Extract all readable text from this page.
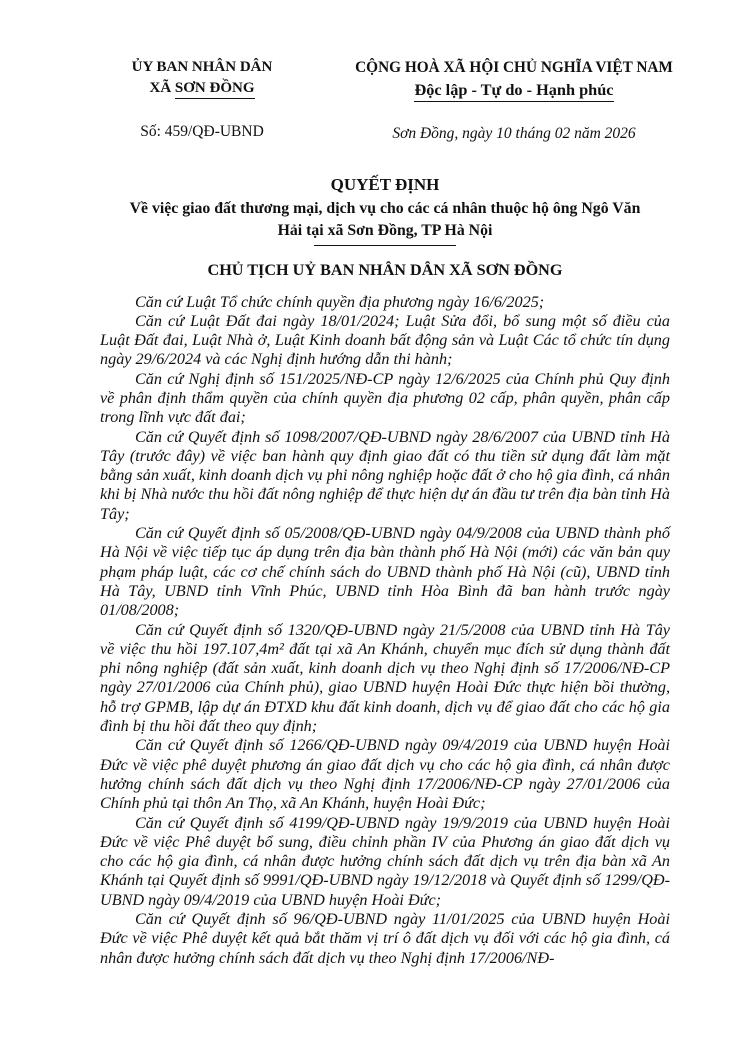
ỦY BAN NHÂN DÂN
XÃ SƠN ĐỒNG
Số: 459/QĐ-UBND
CỘNG HOÀ XÃ HỘI CHỦ NGHĨA VIỆT NAM
Độc lập - Tự do - Hạnh phúc
Sơn Đồng, ngày 10 tháng 02 năm 2026
QUYẾT ĐỊNH
Về việc giao đất thương mại, dịch vụ cho các cá nhân thuộc hộ ông Ngô Văn
Hải tại xã Sơn Đồng, TP Hà Nội
CHỦ TỊCH UỶ BAN NHÂN DÂN XÃ SƠN ĐỒNG

Căn cứ Luật Tổ chức chính quyền địa phương ngày 16/6/2025;

Căn cứ Luật Đất đai ngày 18/01/2024; Luật Sửa đổi, bổ sung một số điều của Luật Đất đai, Luật Nhà ở, Luật Kinh doanh bất động sản và Luật Các tổ chức tín dụng ngày 29/6/2024 và các Nghị định hướng dẫn thi hành;

Căn cứ Nghị định số 151/2025/NĐ-CP ngày 12/6/2025 của Chính phủ Quy định về phân định thẩm quyền của chính quyền địa phương 02 cấp, phân quyền, phân cấp trong lĩnh vực đất đai;

Căn cứ Quyết định số 1098/2007/QĐ-UBND ngày 28/6/2007 của UBND tỉnh Hà Tây (trước đây) về việc ban hành quy định giao đất có thu tiền sử dụng đất làm mặt bằng sản xuất, kinh doanh dịch vụ phi nông nghiệp hoặc đất ở cho hộ gia đình, cá nhân khi bị Nhà nước thu hồi đất nông nghiệp để thực hiện dự án đầu tư trên địa bàn tỉnh Hà Tây;

Căn cứ Quyết định số 05/2008/QĐ-UBND ngày 04/9/2008 của UBND thành phố Hà Nội về việc tiếp tục áp dụng trên địa bàn thành phố Hà Nội (mới) các văn bản quy phạm pháp luật, các cơ chế chính sách do UBND thành phố Hà Nội (cũ), UBND tỉnh Hà Tây, UBND tỉnh Vĩnh Phúc, UBND tỉnh Hòa Bình đã ban hành trước ngày 01/08/2008;

Căn cứ Quyết định số 1320/QĐ-UBND ngày 21/5/2008 của UBND tỉnh Hà Tây về việc thu hồi 197.107,4m² đất tại xã An Khánh, chuyển mục đích sử dụng thành đất phi nông nghiệp (đất sản xuất, kinh doanh dịch vụ theo Nghị định số 17/2006/NĐ-CP ngày 27/01/2006 của Chính phủ), giao UBND huyện Hoài Đức thực hiện bồi thường, hỗ trợ GPMB, lập dự án ĐTXD khu đất kinh doanh, dịch vụ để giao đất cho các hộ gia đình bị thu hồi đất theo quy định;

Căn cứ Quyết định số 1266/QĐ-UBND ngày 09/4/2019 của UBND huyện Hoài Đức về việc phê duyệt phương án giao đất dịch vụ cho các hộ gia đình, cá nhân được hưởng chính sách đất dịch vụ theo Nghị định 17/2006/NĐ-CP ngày 27/01/2006 của Chính phủ tại thôn An Thọ, xã An Khánh, huyện Hoài Đức;

Căn cứ Quyết định số 4199/QĐ-UBND ngày 19/9/2019 của UBND huyện Hoài Đức về việc Phê duyệt bổ sung, điều chỉnh phần IV của Phương án giao đất dịch vụ cho các hộ gia đình, cá nhân được hưởng chính sách đất dịch vụ trên địa bàn xã An Khánh tại Quyết định số 9991/QĐ-UBND ngày 19/12/2018 và Quyết định số 1299/QĐ-UBND ngày 09/4/2019 của UBND huyện Hoài Đức;

Căn cứ Quyết định số 96/QĐ-UBND ngày 11/01/2025 của UBND huyện Hoài Đức về việc Phê duyệt kết quả bắt thăm vị trí ô đất dịch vụ đối với các hộ gia đình, cá nhân được hưởng chính sách đất dịch vụ theo Nghị định 17/2006/NĐ-
